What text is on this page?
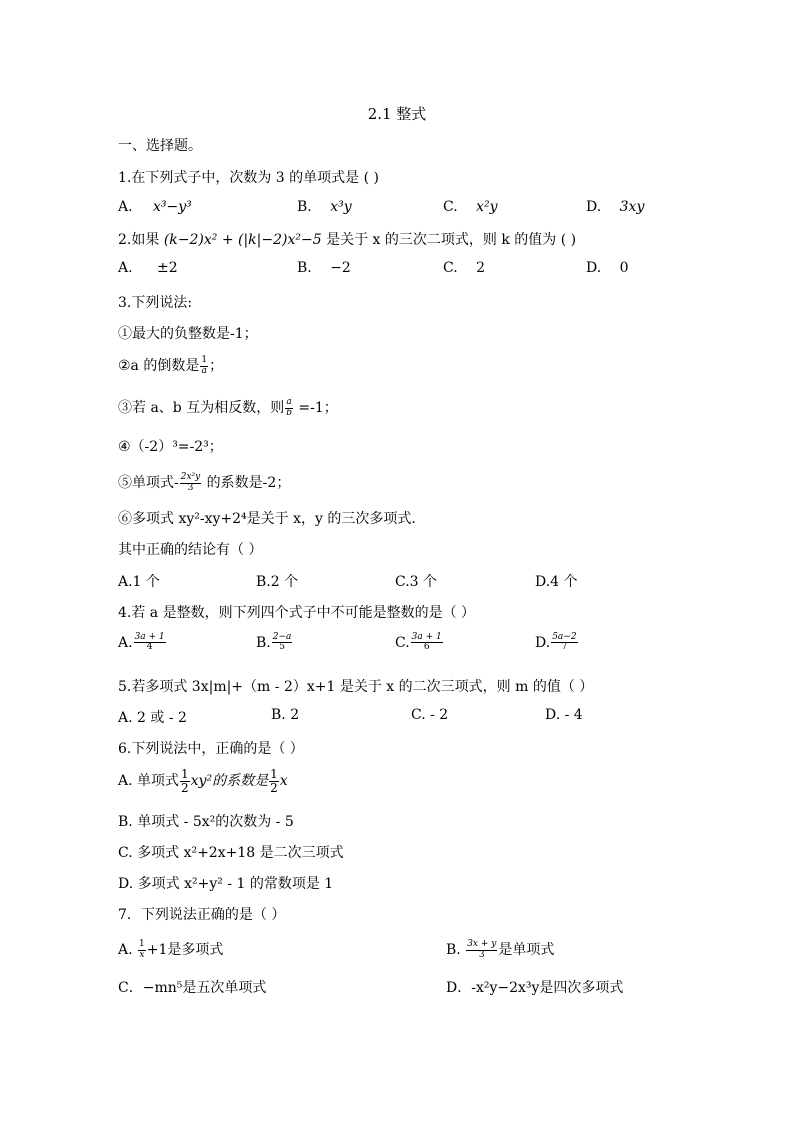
2.1 整式
一、选择题。
1.在下列式子中，次数为 3 的单项式是 ( )
A. x³−y³	B. x³y	C. x²y	D. 3xy
2.如果 (k−2)x² + (|k|−2)x²−5 是关于 x 的三次二项式，则 k 的值为 ( )
A. ±2	B. −2	C. 2	D. 0
3.下列说法:
①最大的负整数是-1；
②a 的倒数是 $\frac{1}{a}$ ；
③若 a、b 互为相反数，则 $\frac{a}{b} =-1$；
④（-2）³=-2³；
⑤单项式- $\frac{\text{2x²y}}{3}$ 的系数是-2；
⑥多项式 xy²-xy+2⁴是关于 x，y 的三次多项式.
其中正确的结论有（ ）
A.1 个	B.2 个	C.3 个	D.4 个
4.若 a 是整数，则下列四个式子中不可能是整数的是（ ）
A. $\frac{3a + 1}{4}$	B. $\frac{2-a}{5}$	C. $\frac{3a + 1}{6}$	D. $\frac{5a-2}{7}$
5.若多项式 3x|m|+（m - 2）x+1 是关于 x 的二次三项式，则 m 的值（ ）
A. 2 或 - 2	B. 2	C. - 2	D. - 4
6.下列说法中，正确的是（ ）
A. 单项式 $\frac{1}{2} xy^2$的系数是 $\frac{1}{2}$ x
B. 单项式 - 5x²的次数为 - 5
C. 多项式 x²+2x+18 是二次三项式
D. 多项式 x²+y² - 1 的常数项是 1
7．下列说法正确的是（ ）
A. $\frac{1}{x} +1$是多项式	B. $\frac{3x + y}{3}$ 是单项式
C．−mn⁵是五次单项式	D．-x²y−2x³y是四次多项式
